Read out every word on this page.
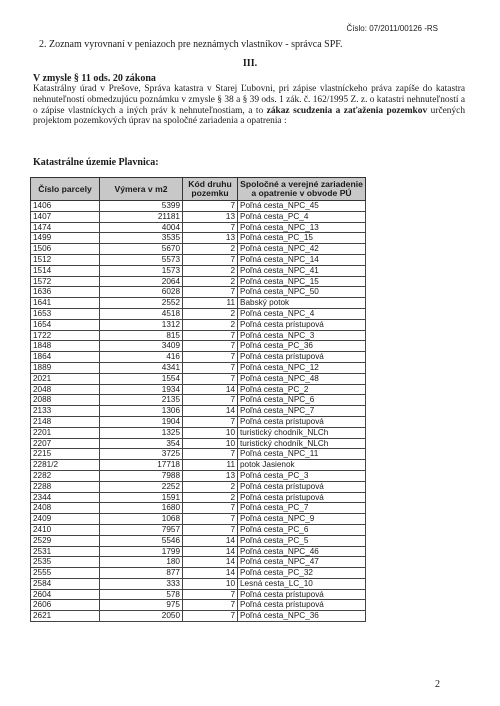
Číslo: 07/2011/00126 -RS
2. Zoznam vyrovnaní v peniazoch pre neznámych vlastníkov - správca SPF.
III.
V zmysle § 11 ods. 20 zákona
Katastrálny úrad v Prešove, Správa katastra v Starej Ľubovni, pri zápise vlastníckeho práva zapíše do katastra nehnuteľností obmedzujúcu poznámku v zmysle § 38 a § 39 ods. 1 zák. č. 162/1995 Z. z. o katastri nehnuteľností a o zápise vlastníckych a iných práv k nehnuteľnostiam, a to zákaz scudzenia a zaťaženia pozemkov určených projektom pozemkových úprav na spoločné zariadenia a opatrenia :
Katastrálne územie Plavnica:
Číslo parcely	Výmera v m2	Kód druhu pozemku	Spoločné a verejné zariadenie a opatrenie v obvode PÚ
1406	5399	7	Poľná cesta_NPC_45
1407	21181	13	Poľná cesta_PC_4
1474	4004	7	Poľná cesta_NPC_13
1499	3535	13	Poľná cesta_PC_15
1506	5670	2	Poľná cesta_NPC_42
1512	5573	7	Poľná cesta_NPC_14
1514	1573	2	Poľná cesta_NPC_41
1572	2064	2	Poľná cesta_NPC_15
1636	6028	7	Poľná cesta_NPC_50
1641	2552	11	Babský potok
1653	4518	2	Poľná cesta_NPC_4
1654	1312	2	Poľná cesta prístupová
1722	815	7	Poľná cesta_NPC_3
1848	3409	7	Poľná cesta_PC_36
1864	416	7	Poľná cesta prístupová
1889	4341	7	Poľná cesta_NPC_12
2021	1554	7	Poľná cesta_NPC_48
2048	1934	14	Poľná cesta_PC_2
2088	2135	7	Poľná cesta_NPC_6
2133	1306	14	Poľná cesta_NPC_7
2148	1904	7	Poľná cesta prístupová
2201	1325	10	turistický chodník_NLCh
2207	354	10	turistický chodník_NLCh
2215	3725	7	Poľná cesta_NPC_11
2281/2	17718	11	potok Jasienok
2282	7988	13	Poľná cesta_PC_3
2288	2252	2	Poľná cesta prístupová
2344	1591	2	Poľná cesta prístupová
2408	1680	7	Poľná cesta_PC_7
2409	1068	7	Poľná cesta_NPC_9
2410	7957	7	Poľná cesta_PC_6
2529	5546	14	Poľná cesta_PC_5
2531	1799	14	Poľná cesta_NPC_46
2535	180	14	Poľná cesta_NPC_47
2555	877	14	Poľná cesta_PC_32
2584	333	10	Lesná cesta_LC_10
2604	578	7	Poľná cesta prístupová
2606	975	7	Poľná cesta prístupová
2621	2050	7	Poľná cesta_NPC_36
2
